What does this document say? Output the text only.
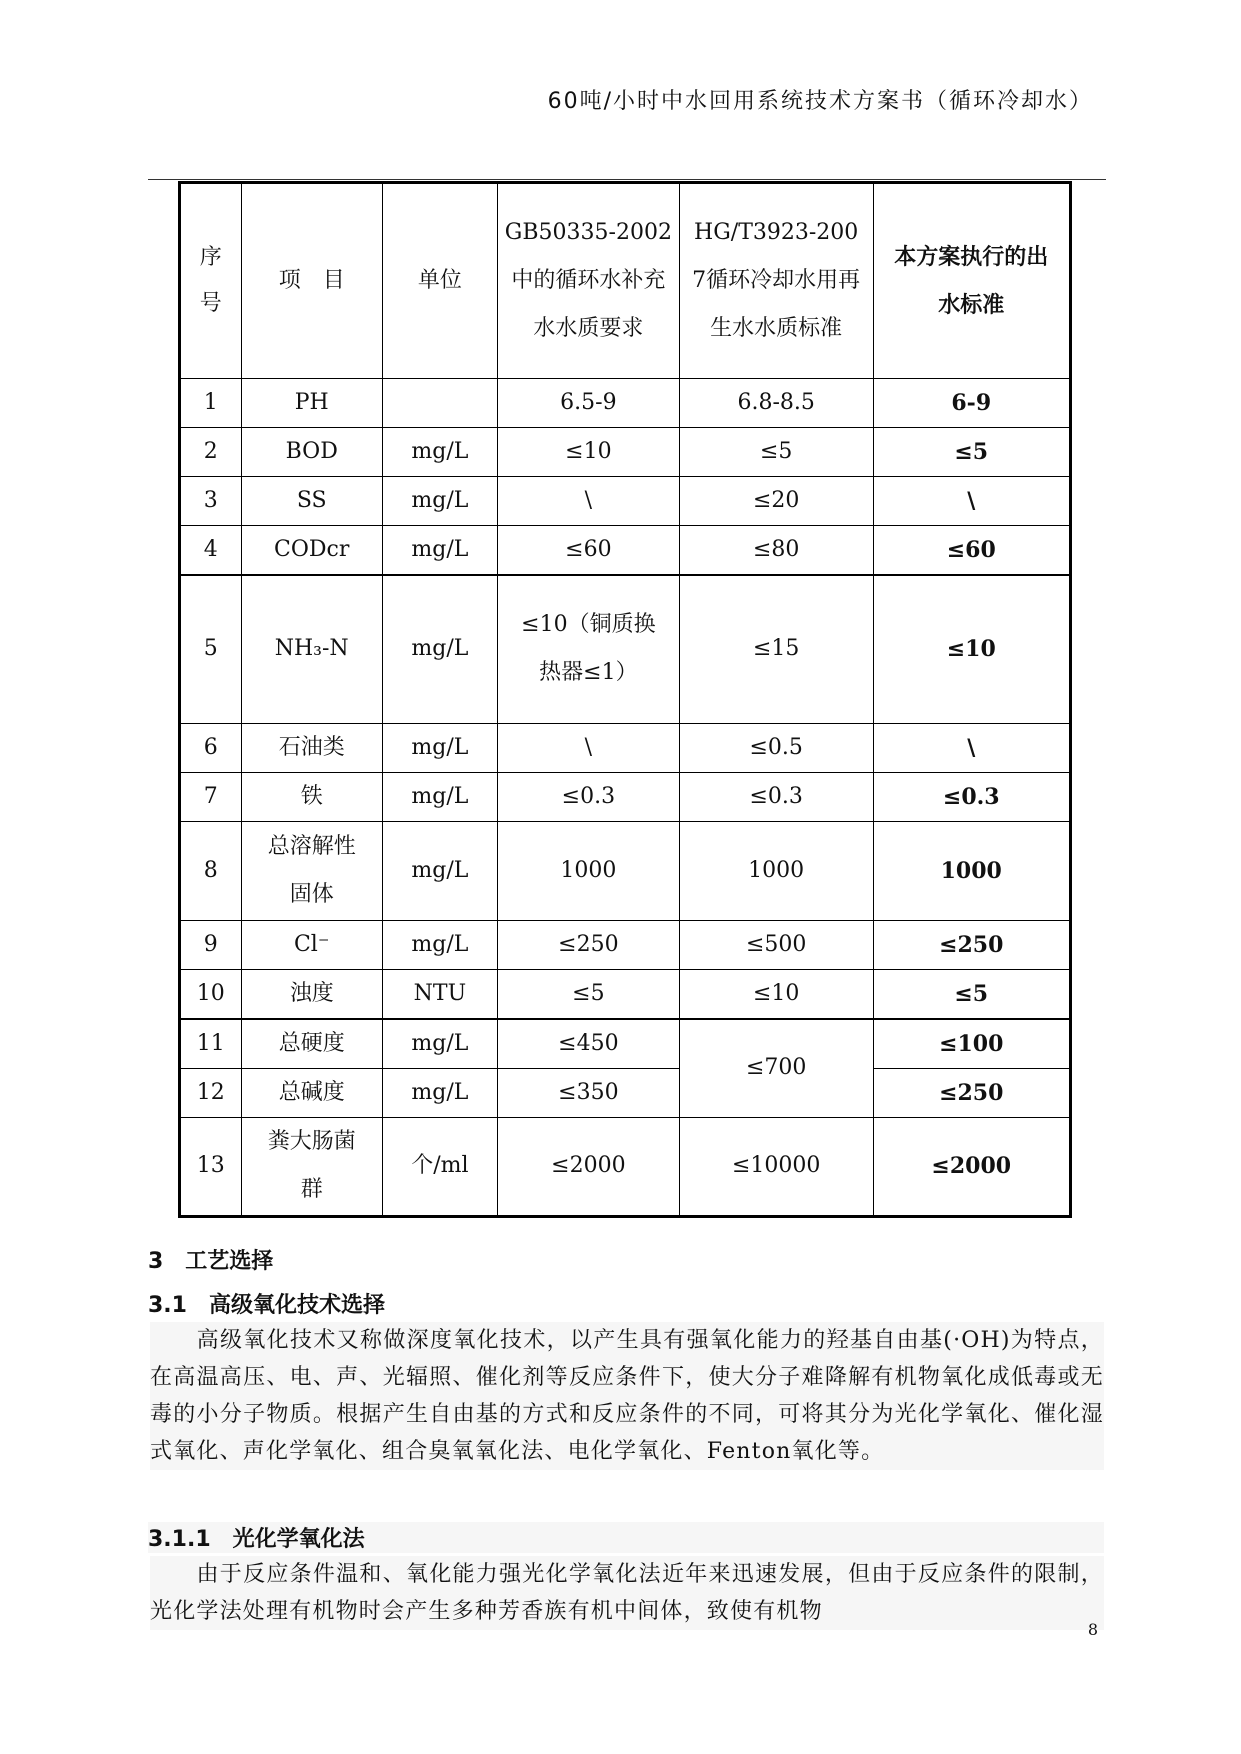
60吨/小时中水回用系统技术方案书（循环冷却水）
序号	项　目	单位	GB50335-2002中的循环水补充水水质要求	HG/T3923-2007循环冷却水用再生水水质标准	本方案执行的出水标准
1	PH		6.5-9	6.8-8.5	6-9
2	BOD	mg/L	≤10	≤5	≤5
3	SS	mg/L	\	≤20	\
4	CODcr	mg/L	≤60	≤80	≤60
5	NH₃-N	mg/L	≤10（铜质换热器≤1）	≤15	≤10
6	石油类	mg/L	\	≤0.5	\
7	铁	mg/L	≤0.3	≤0.3	≤0.3
8	总溶解性固体	mg/L	1000	1000	1000
9	Cl⁻	mg/L	≤250	≤500	≤250
10	浊度	NTU	≤5	≤10	≤5
11	总硬度	mg/L	≤450	≤700	≤100
12	总碱度	mg/L	≤350		≤250
13	粪大肠菌群	个/ml	≤2000	≤10000	≤2000
3　工艺选择
3.1　高级氧化技术选择

　　高级氧化技术又称做深度氧化技术，以产生具有强氧化能力的羟基自由基(·OH)为特点，在高温高压、电、声、光辐照、催化剂等反应条件下，使大分子难降解有机物氧化成低毒或无毒的小分子物质。根据产生自由基的方式和反应条件的不同，可将其分为光化学氧化、催化湿式氧化、声化学氧化、组合臭氧氧化法、电化学氧化、Fenton氧化等。

3.1.1　光化学氧化法

　　由于反应条件温和、氧化能力强光化学氧化法近年来迅速发展，但由于反应条件的限制，光化学法处理有机物时会产生多种芳香族有机中间体，致使有机物

8
